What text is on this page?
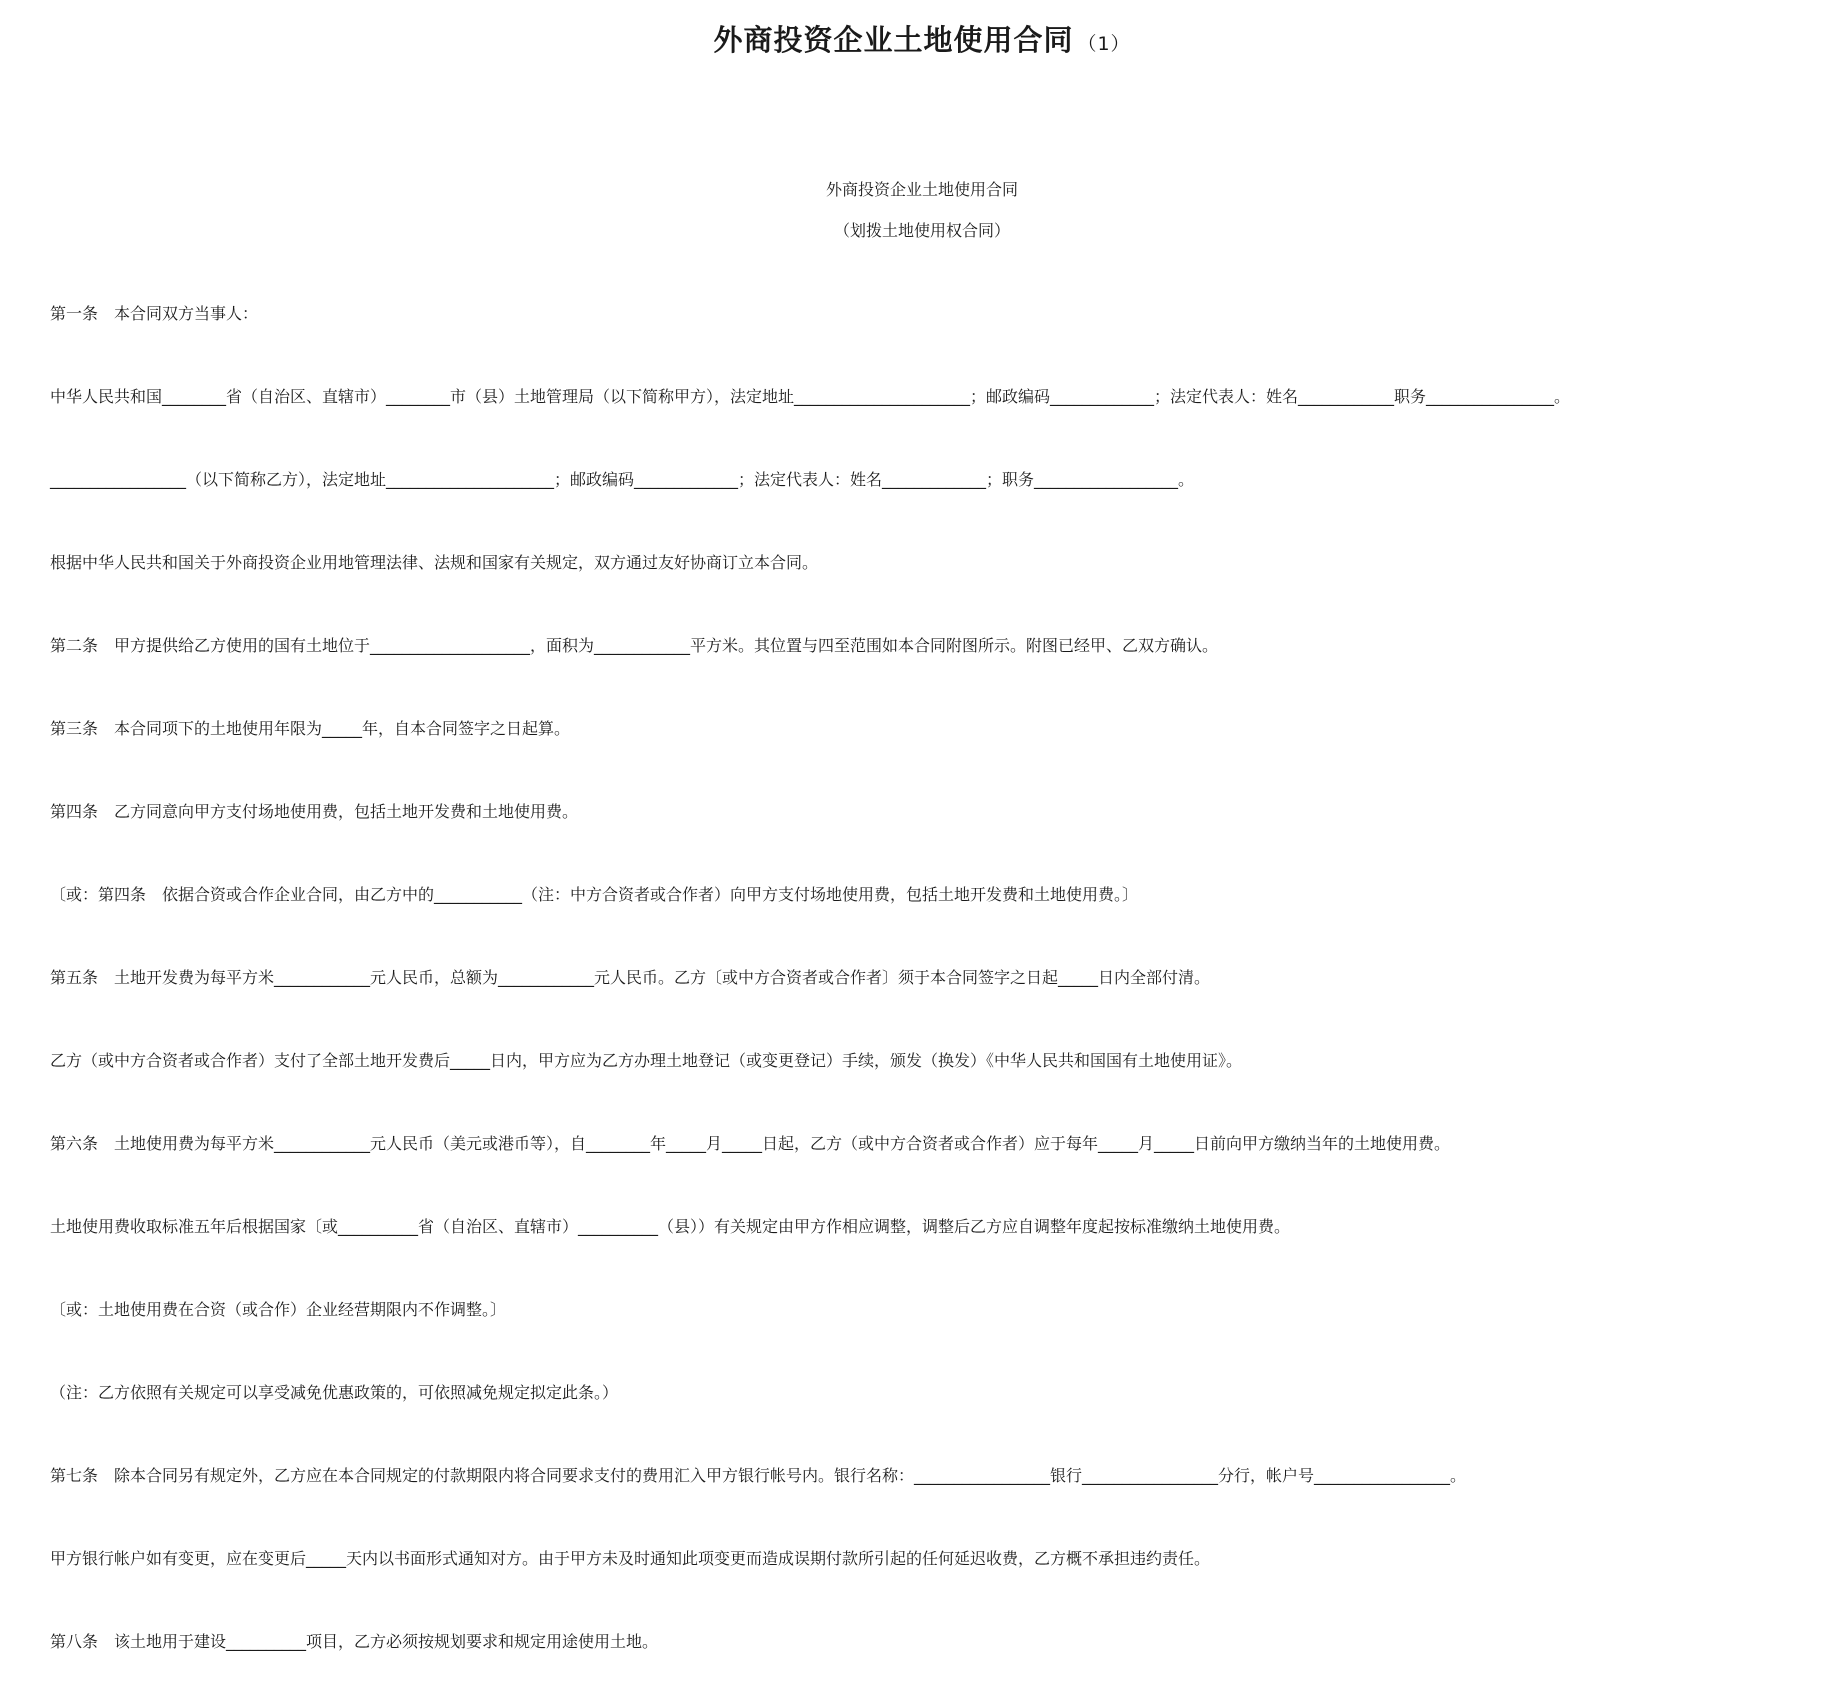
外商投资企业土地使用合同 （1）
外商投资企业土地使用合同
（划拨土地使用权合同）
第一条　本合同双方当事人：
中华人民共和国________省（自治区、直辖市）________市（县）土地管理局（以下简称甲方），法定地址______________________；邮政编码_____________；法定代表人：姓名____________职务________________。
_________________（以下简称乙方），法定地址_____________________；邮政编码_____________；法定代表人：姓名_____________；职务__________________。
根据中华人民共和国关于外商投资企业用地管理法律、法规和国家有关规定，双方通过友好协商订立本合同。
第二条　甲方提供给乙方使用的国有土地位于____________________，面积为____________平方米。其位置与四至范围如本合同附图所示。附图已经甲、乙双方确认。
第三条　本合同项下的土地使用年限为_____年，自本合同签字之日起算。
第四条　乙方同意向甲方支付场地使用费，包括土地开发费和土地使用费。
〔或：第四条　依据合资或合作企业合同，由乙方中的___________（注：中方合资者或合作者）向甲方支付场地使用费，包括土地开发费和土地使用费。〕
第五条　土地开发费为每平方米____________元人民币，总额为____________元人民币。乙方〔或中方合资者或合作者〕须于本合同签字之日起_____日内全部付清。
乙方（或中方合资者或合作者）支付了全部土地开发费后_____日内，甲方应为乙方办理土地登记（或变更登记）手续，颁发（换发）《中华人民共和国国有土地使用证》。
第六条　土地使用费为每平方米____________元人民币（美元或港币等），自________年_____月_____日起，乙方（或中方合资者或合作者）应于每年_____月_____日前向甲方缴纳当年的土地使用费。
土地使用费收取标准五年后根据国家〔或__________省（自治区、直辖市）__________（县））有关规定由甲方作相应调整，调整后乙方应自调整年度起按标准缴纳土地使用费。
〔或：土地使用费在合资（或合作）企业经营期限内不作调整。〕
（注：乙方依照有关规定可以享受减免优惠政策的，可依照减免规定拟定此条。）
第七条　除本合同另有规定外，乙方应在本合同规定的付款期限内将合同要求支付的费用汇入甲方银行帐号内。银行名称：_________________银行_________________分行，帐户号_________________。
甲方银行帐户如有变更，应在变更后_____天内以书面形式通知对方。由于甲方未及时通知此项变更而造成误期付款所引起的任何延迟收费，乙方概不承担违约责任。
第八条　该土地用于建设__________项目，乙方必须按规划要求和规定用途使用土地。
